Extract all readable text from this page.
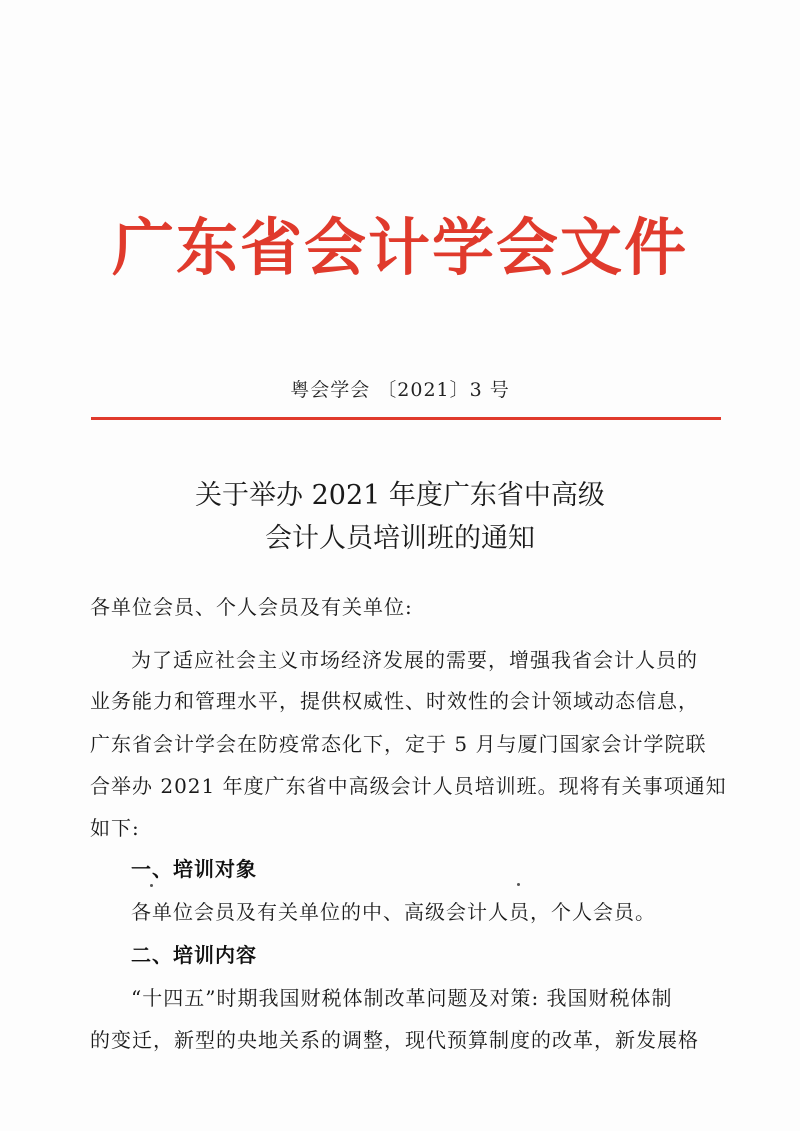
广东省会计学会文件
粤会学会 〔2021〕3 号
关于举办 2021 年度广东省中高级
会计人员培训班的通知
各单位会员、个人会员及有关单位:
为了适应社会主义市场经济发展的需要，增强我省会计人员的
业务能力和管理水平，提供权威性、时效性的会计领域动态信息，
广东省会计学会在防疫常态化下，定于 5 月与厦门国家会计学院联
合举办 2021 年度广东省中高级会计人员培训班。现将有关事项通知
如下:
一、培训对象
各单位会员及有关单位的中、高级会计人员，个人会员。
二、培训内容
“十四五”时期我国财税体制改革问题及对策: 我国财税体制
的变迁，新型的央地关系的调整，现代预算制度的改革，新发展格
